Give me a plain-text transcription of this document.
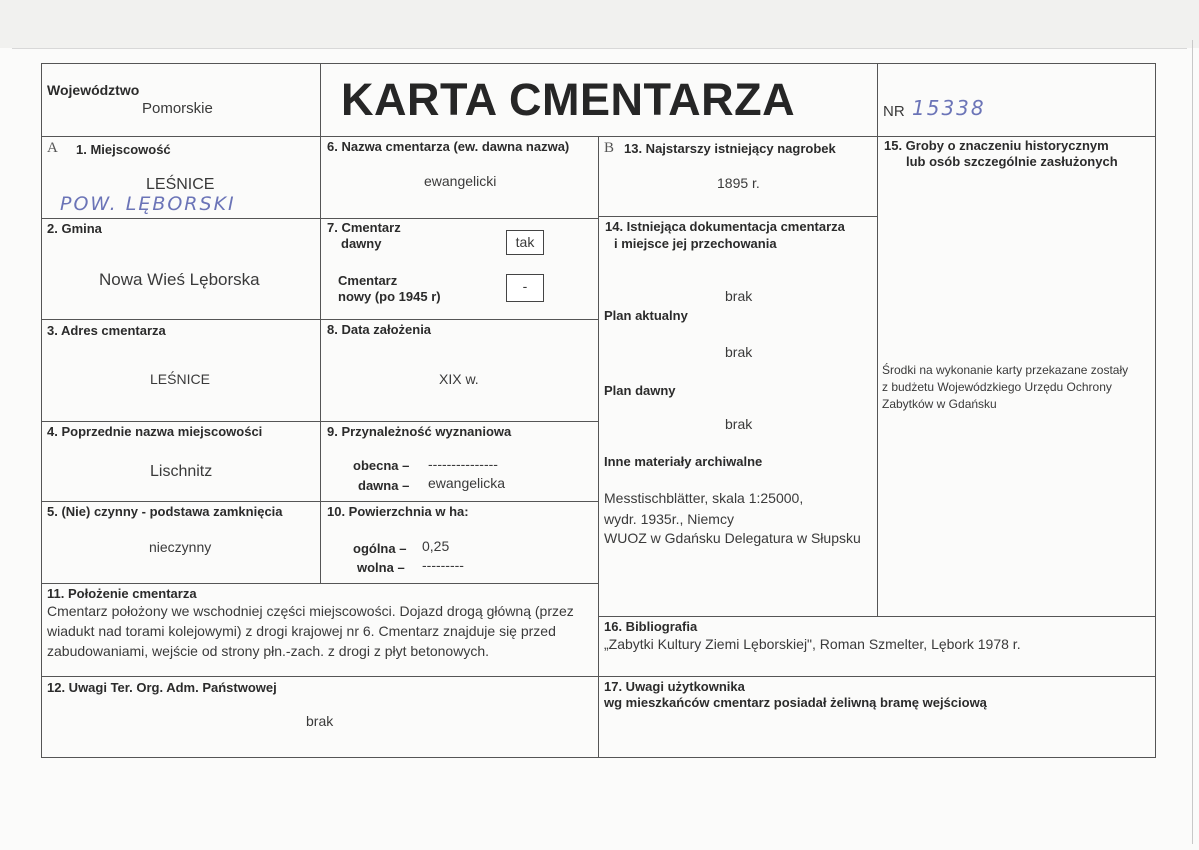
Województwo
Pomorskie	KARTA CMENTARZA	NR 15338
A 1. Miejscowość
LEŚNICE
POW. LĘBORSKI
2. Gmina
Nowa Wieś Lęborska
3. Adres cmentarza
LEŚNICE
4. Poprzednie nazwa miejscowości
Lischnitz
5. (Nie) czynny - podstawa zamknięcia
nieczynny
6. Nazwa cmentarza (ew. dawna nazwa)
ewangelicki
7. Cmentarz
dawny	tak
Cmentarz
nowy (po 1945 r)
-
8. Data założenia
XIX w.
9. Przynależność wyznaniowa
obecna – ---------------
dawna – ewangelicka
10. Powierzchnia w ha:
ogólna – 0,25
wolna – ---------
B 13. Najstarszy istniejący nagrobek
1895 r.
14. Istniejąca dokumentacja cmentarza
i miejsce jej przechowania
brak
Plan aktualny
brak
Plan dawny
brak
Inne materiały archiwalne
Messtischblätter, skala 1:25000,
wydr. 1935r., Niemcy
WUOZ w Gdańsku Delegatura w Słupsku
15. Groby o znaczeniu historycznym
lub osób szczególnie zasłużonych
Środki na wykonanie karty przekazane zostały
z budżetu Wojewódzkiego Urzędu Ochrony
Zabytków w Gdańsku
11. Położenie cmentarza
Cmentarz położony we wschodniej części miejscowości. Dojazd drogą główną (przez
wiadukt nad torami kolejowymi) z drogi krajowej nr 6. Cmentarz znajduje się przed
zabudowaniami, wejście od strony płn.-zach. z drogi z płyt betonowych.
16. Bibliografia
„Zabytki Kultury Ziemi Lęborskiej", Roman Szmelter, Lębork 1978 r.
12. Uwagi Ter. Org. Adm. Państwowej
brak
17. Uwagi użytkownika
wg mieszkańców cmentarz posiadał żeliwną bramę wejściową
